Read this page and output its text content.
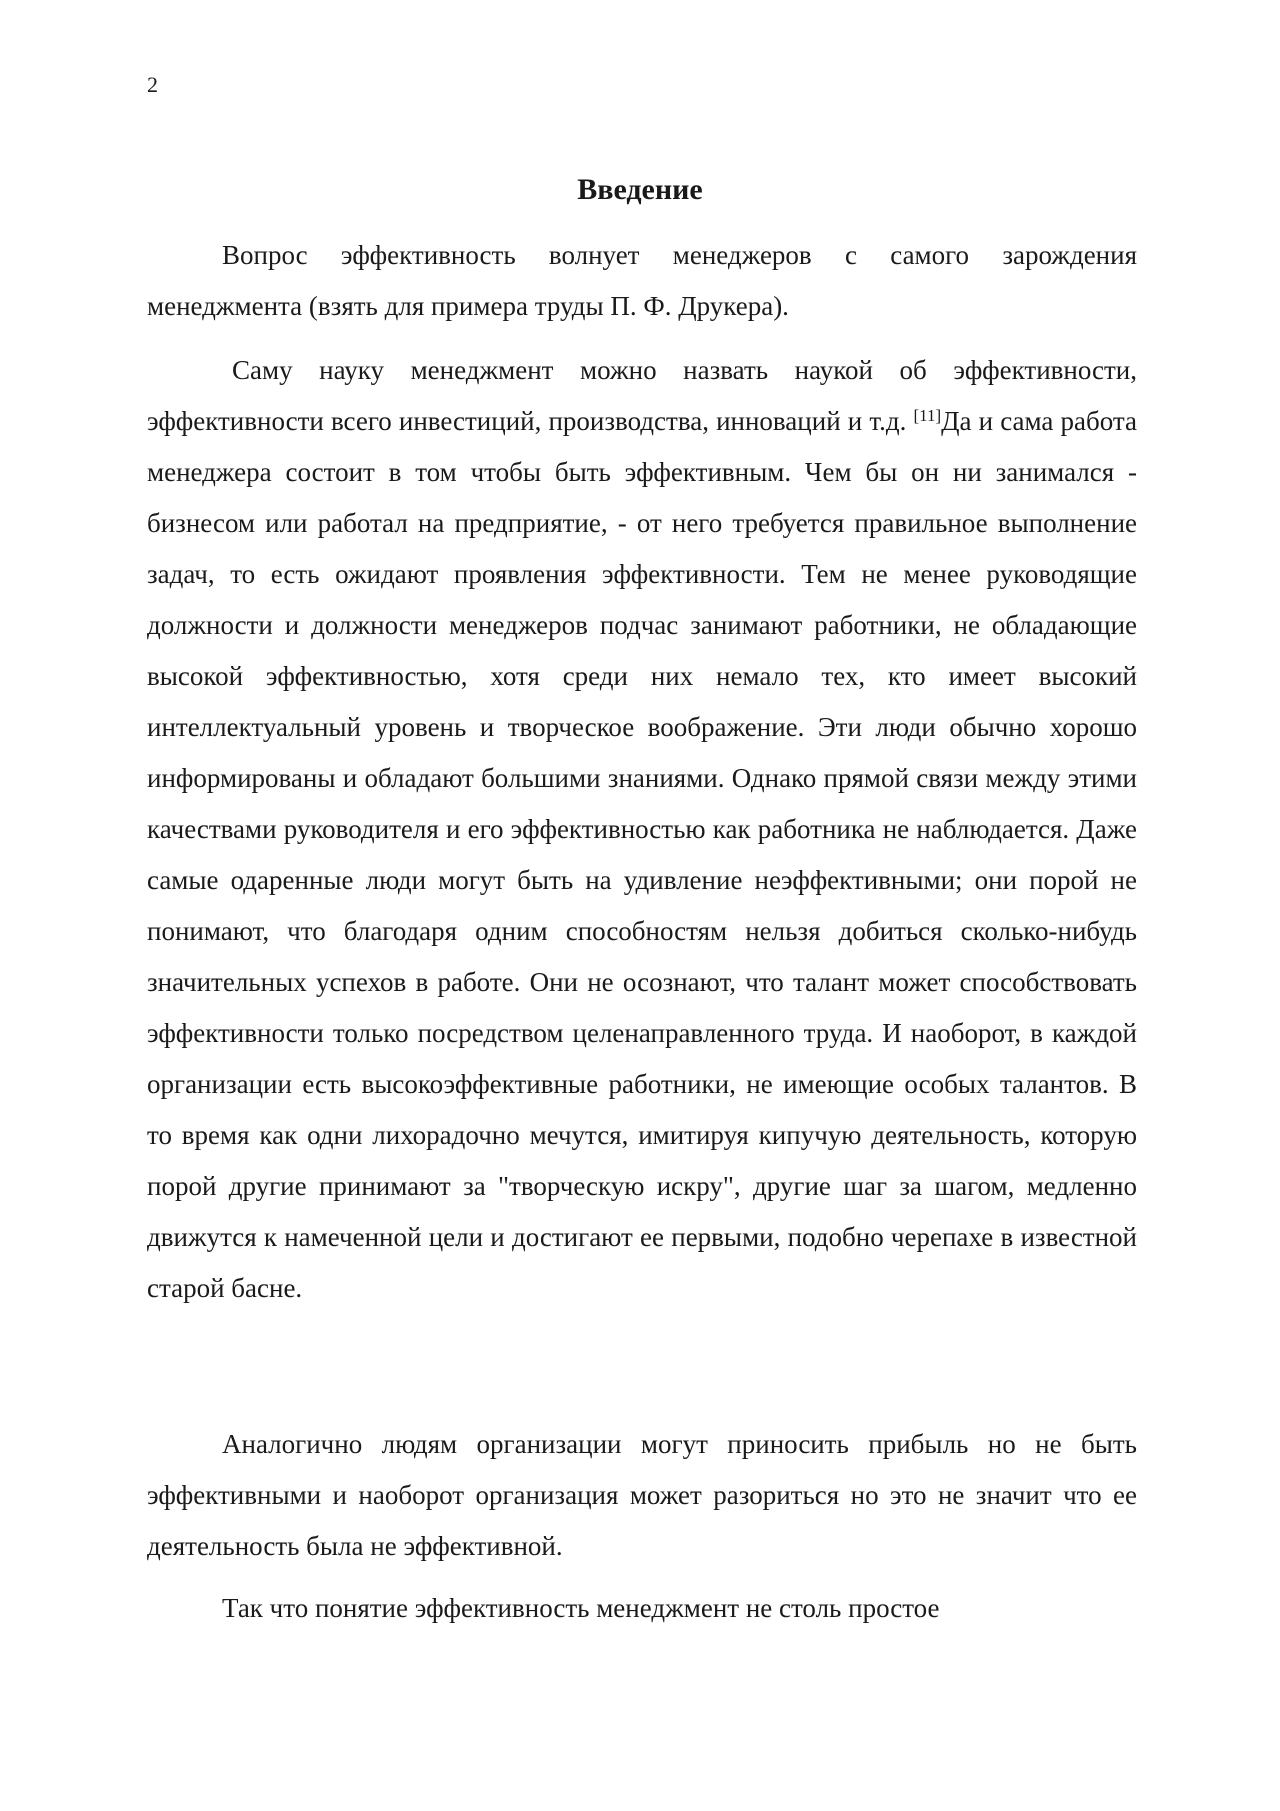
2
Введение

Вопрос эффективность волнует менеджеров с самого зарождения менеджмента (взять для примера труды П. Ф. Друкера).

Саму науку менеджмент можно назвать наукой об эффективности, эффективности всего инвестиций, производства, инноваций и т.д. [11]Да и сама работа менеджера состоит в том чтобы быть эффективным. Чем бы он ни занимался - бизнесом или работал на предприятие, - от него требуется правильное выполнение задач, то есть ожидают проявления эффективности. Тем не менее руководящие должности и должности менеджеров подчас занимают работники, не обладающие высокой эффективностью, хотя среди них немало тех, кто имеет высокий интеллектуальный уровень и творческое воображение. Эти люди обычно хорошо информированы и обладают большими знаниями. Однако прямой связи между этими качествами руководителя и его эффективностью как работника не наблюдается. Даже самые одаренные люди могут быть на удивление неэффективными; они порой не понимают, что благодаря одним способностям нельзя добиться сколько-нибудь значительных успехов в работе. Они не осознают, что талант может способствовать эффективности только посредством целенаправленного труда. И наоборот, в каждой организации есть высокоэффективные работники, не имеющие особых талантов. В то время как одни лихорадочно мечутся, имитируя кипучую деятельность, которую порой другие принимают за "творческую искру", другие шаг за шагом, медленно движутся к намеченной цели и достигают ее первыми, подобно черепахе в известной старой басне.

Аналогично людям организации могут приносить прибыль но не быть эффективными и наоборот организация может разориться но это не значит что ее деятельность была не эффективной.

Так что понятие эффективность менеджмент не столь простое
